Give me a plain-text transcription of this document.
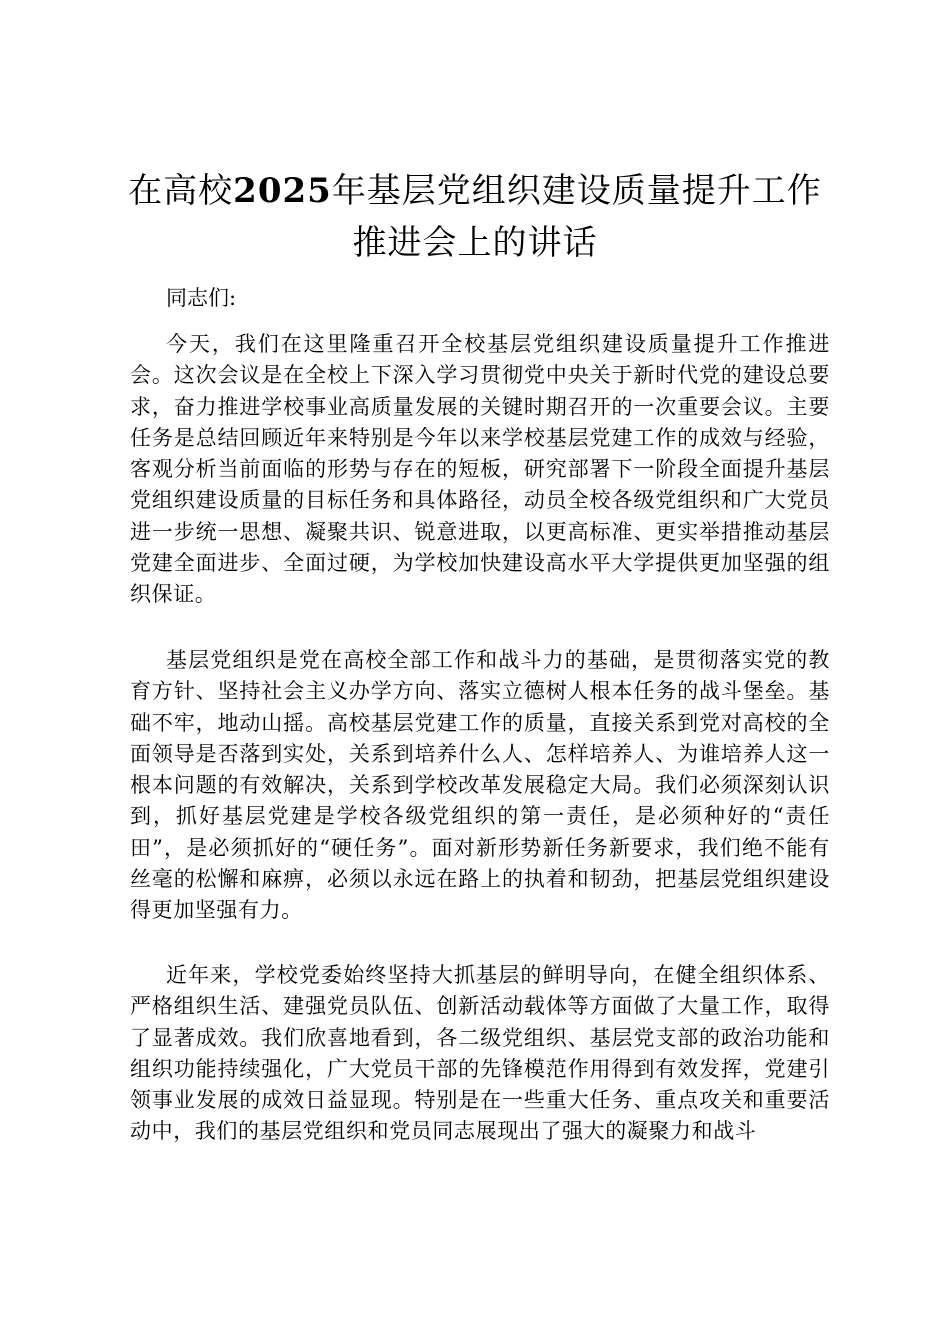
在高校2025年基层党组织建设质量提升工作推进会上的讲话

同志们:

今天，我们在这里隆重召开全校基层党组织建设质量提升工作推进会。这次会议是在全校上下深入学习贯彻党中央关于新时代党的建设总要求，奋力推进学校事业高质量发展的关键时期召开的一次重要会议。主要任务是总结回顾近年来特别是今年以来学校基层党建工作的成效与经验，客观分析当前面临的形势与存在的短板，研究部署下一阶段全面提升基层党组织建设质量的目标任务和具体路径，动员全校各级党组织和广大党员进一步统一思想、凝聚共识、锐意进取，以更高标准、更实举措推动基层党建全面进步、全面过硬，为学校加快建设高水平大学提供更加坚强的组织保证。

基层党组织是党在高校全部工作和战斗力的基础，是贯彻落实党的教育方针、坚持社会主义办学方向、落实立德树人根本任务的战斗堡垒。基础不牢，地动山摇。高校基层党建工作的质量，直接关系到党对高校的全面领导是否落到实处，关系到培养什么人、怎样培养人、为谁培养人这一根本问题的有效解决，关系到学校改革发展稳定大局。我们必须深刻认识到，抓好基层党建是学校各级党组织的第一责任，是必须种好的“责任田”，是必须抓好的“硬任务”。面对新形势新任务新要求，我们绝不能有丝毫的松懈和麻痹，必须以永远在路上的执着和韧劲，把基层党组织建设得更加坚强有力。

近年来，学校党委始终坚持大抓基层的鲜明导向，在健全组织体系、严格组织生活、建强党员队伍、创新活动载体等方面做了大量工作，取得了显著成效。我们欣喜地看到，各二级党组织、基层党支部的政治功能和组织功能持续强化，广大党员干部的先锋模范作用得到有效发挥，党建引领事业发展的成效日益显现。特别是在一些重大任务、重点攻关和重要活动中，我们的基层党组织和党员同志展现出了强大的凝聚力和战斗
